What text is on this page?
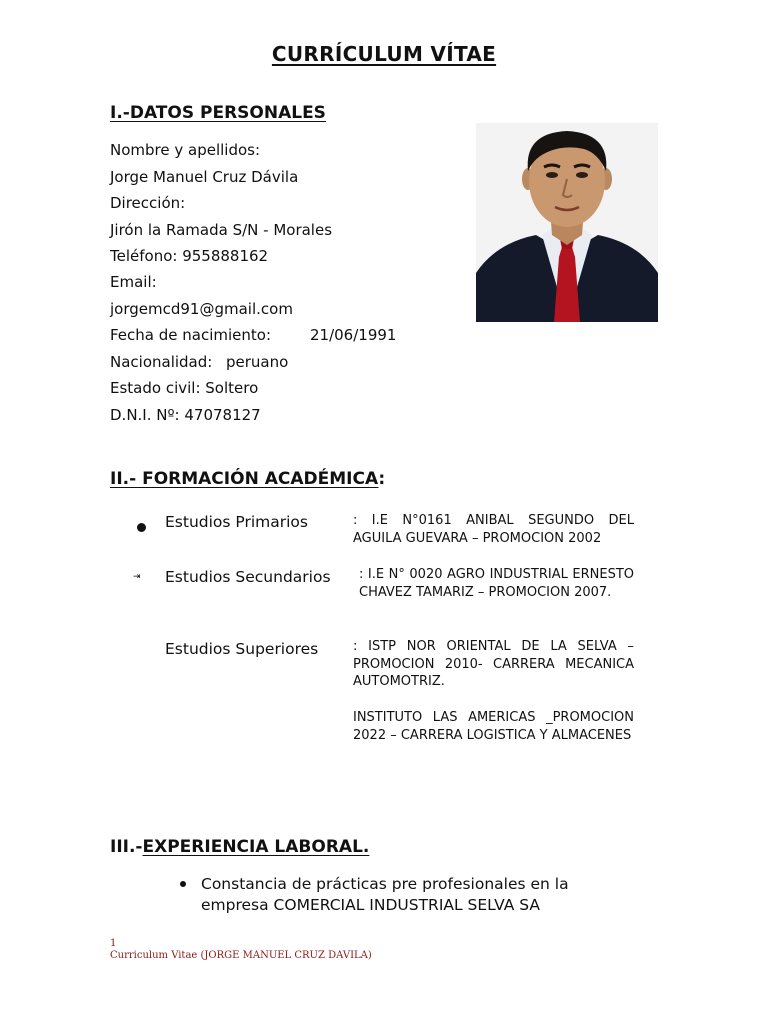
CURRÍCULUM VÍTAE
I.-DATOS PERSONALES
Nombre y apellidos:
Jorge Manuel Cruz Dávila
Dirección:
Jirón la Ramada S/N - Morales
Teléfono: 955888162
Email:
jorgemcd91@gmail.com
Fecha de nacimiento:	21/06/1991
Nacionalidad: peruano
Estado civil: Soltero
D.N.I. Nº: 47078127
II.- FORMACIÓN ACADÉMICA:
Estudios Primarios	: I.E N°0161 ANIBAL SEGUNDO DEL AGUILA GUEVARA – PROMOCION 2002
⇥ Estudios Secundarios : I.E N° 0020 AGRO INDUSTRIAL ERNESTO CHAVEZ TAMARIZ – PROMOCION 2007.
Estudios Superiores	: ISTP NOR ORIENTAL DE LA SELVA – PROMOCION 2010- CARRERA MECANICA AUTOMOTRIZ.
INSTITUTO LAS AMERICAS _PROMOCION 2022 – CARRERA LOGISTICA Y ALMACENES
III.-EXPERIENCIA LABORAL.
Constancia de prácticas pre profesionales en la empresa COMERCIAL INDUSTRIAL SELVA SA
1
Curriculum Vitae (JORGE MANUEL CRUZ DAVILA)
